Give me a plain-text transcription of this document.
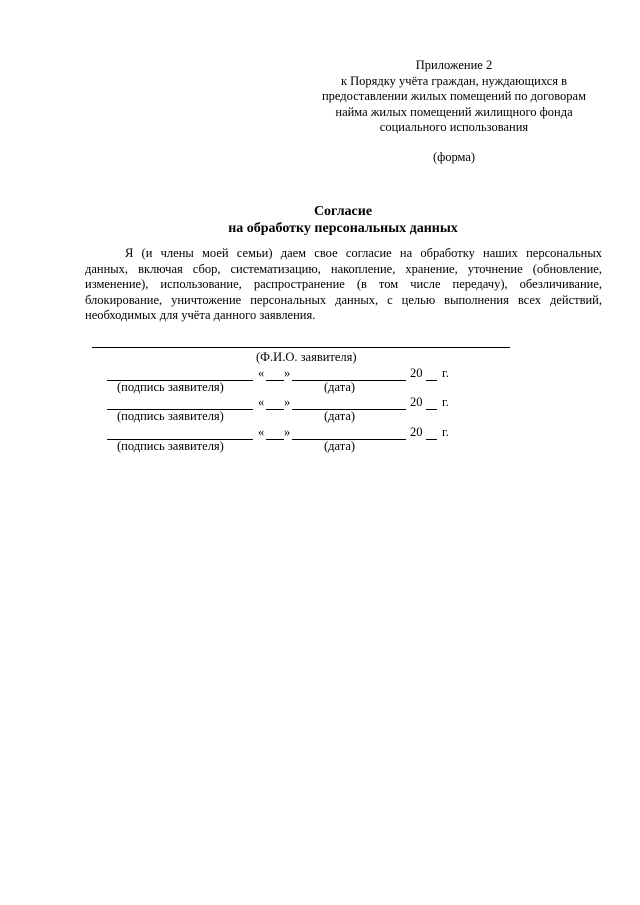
Приложение 2
к Порядку учёта граждан, нуждающихся в
предоставлении жилых помещений по договорам
найма жилых помещений жилищного фонда
социального использования
(форма)
Согласие
на обработку персональных данных
Я (и члены моей семьи) даем свое согласие на обработку наших персональных
данных, включая сбор, систематизацию, накопление, хранение, уточнение (обновление,
изменение), использование, распространение (в том числе передачу), обезличивание,
блокирование, уничтожение персональных данных, с целью выполнения всех действий,
необходимых для учёта данного заявления.
(Ф.И.О. заявителя)
« »	20 г.
(подпись заявителя)	(дата)
« »	20 г.
(подпись заявителя)	(дата)
« »	20 г.
(подпись заявителя)	(дата)
